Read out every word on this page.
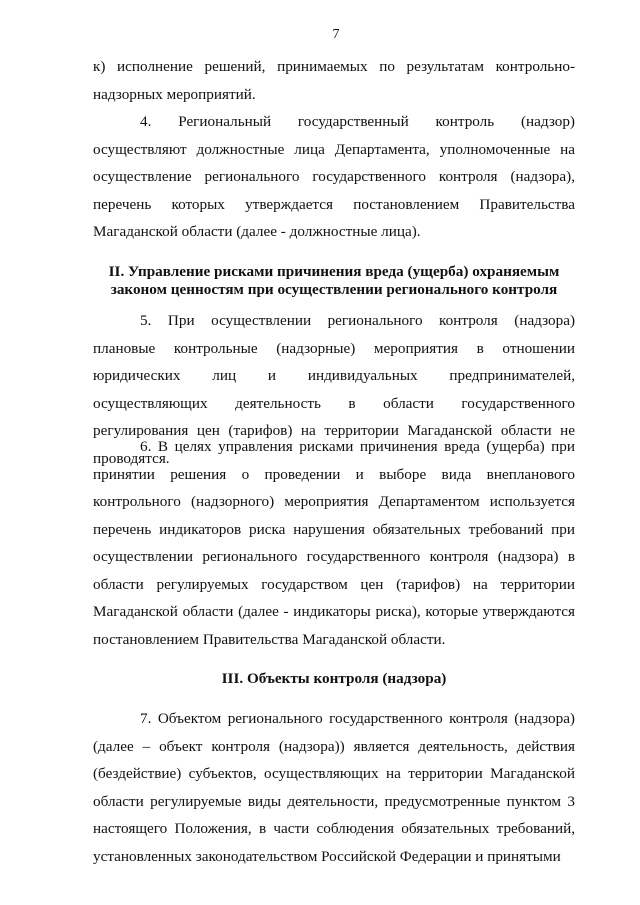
7

к) исполнение решений, принимаемых по результатам контрольно-надзорных мероприятий.

4. Региональный государственный контроль (надзор) осуществляют должностные лица Департамента, уполномоченные на осуществление регионального государственного контроля (надзора), перечень которых утверждается постановлением Правительства Магаданской области (далее - должностные лица).

II. Управление рисками причинения вреда (ущерба) охраняемым законом ценностям при осуществлении регионального контроля

5. При осуществлении регионального контроля (надзора) плановые контрольные (надзорные) мероприятия в отношении юридических лиц и индивидуальных предпринимателей, осуществляющих деятельность в области государственного регулирования цен (тарифов) на территории Магаданской области не проводятся.

6. В целях управления рисками причинения вреда (ущерба) при принятии решения о проведении и выборе вида внепланового контрольного (надзорного) мероприятия Департаментом используется перечень индикаторов риска нарушения обязательных требований при осуществлении регионального государственного контроля (надзора) в области регулируемых государством цен (тарифов) на территории Магаданской области (далее - индикаторы риска), которые утверждаются постановлением Правительства Магаданской области.

III. Объекты контроля (надзора)

7. Объектом регионального государственного контроля (надзора) (далее – объект контроля (надзора)) является деятельность, действия (бездействие) субъектов, осуществляющих на территории Магаданской области регулируемые виды деятельности, предусмотренные пунктом 3 настоящего Положения, в части соблюдения обязательных требований, установленных законодательством Российской Федерации и принятыми
